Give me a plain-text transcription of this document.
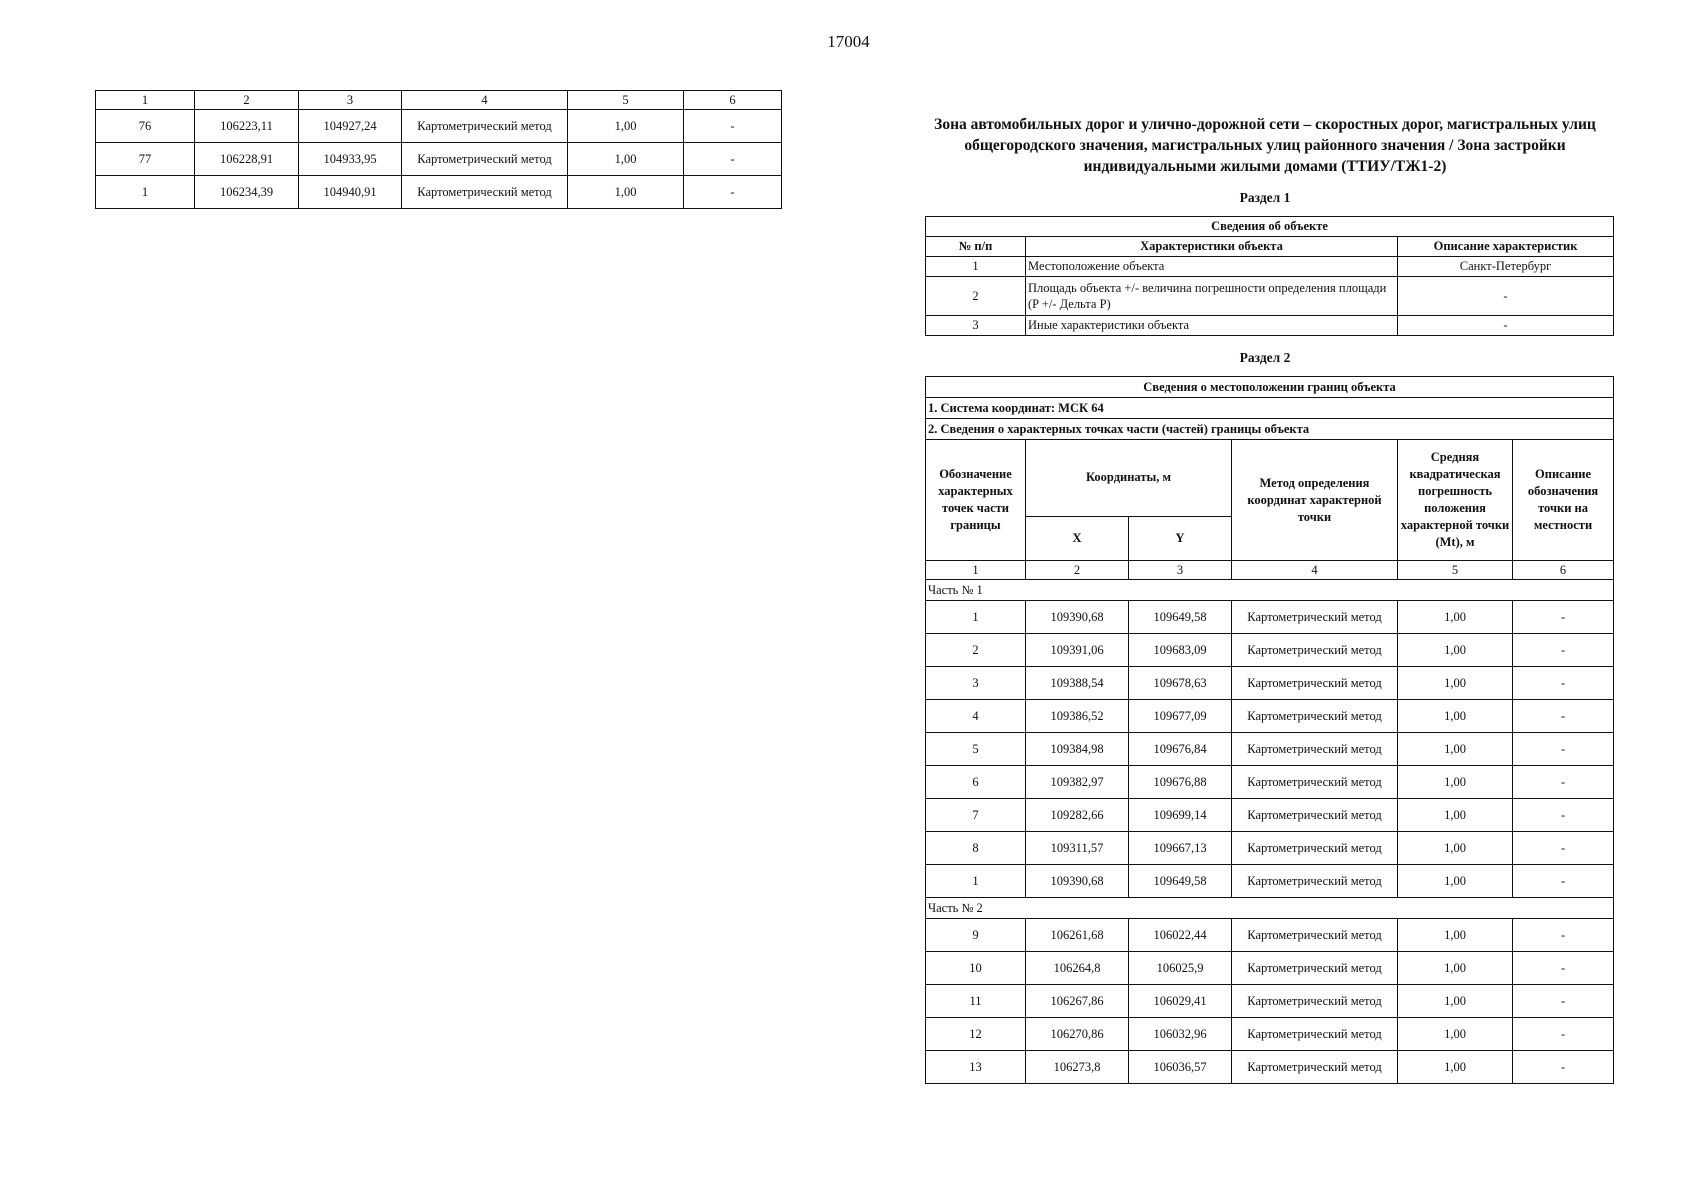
17004
1	2	3	4	5	6
76	106223,11	104927,24	Картометрический метод	1,00	-
77	106228,91	104933,95	Картометрический метод	1,00	-
1	106234,39	104940,91	Картометрический метод	1,00	-
Зона автомобильных дорог и улично-дорожной сети – скоростных дорог, магистральных улиц общегородского значения, магистральных улиц районного значения / Зона застройки индивидуальными жилыми домами (ТТИУ/ТЖ1-2)
Раздел 1
Сведения об объекте		
№ п/п	Характеристики объекта	Описание характеристик
1	Местоположение объекта	Санкт-Петербург
2	Площадь объекта +/- величина погрешности определения площади (P +/- Дельта P)	-
3	Иные характеристики объекта	-
Раздел 2
Сведения о местоположении границ объекта					
1. Система координат: МСК 64					
2. Сведения о характерных точках части (частей) границы объекта					
Обозначение характерных точек части границы	Координаты, м		Метод определения координат характерной точки	Средняя квадратическая погрешность положения характерной точки (Mt), м	Описание обозначения точки на местности
	X	Y			
1	2	3	4	5	6
Часть № 1					
1	109390,68	109649,58	Картометрический метод	1,00	-
2	109391,06	109683,09	Картометрический метод	1,00	-
3	109388,54	109678,63	Картометрический метод	1,00	-
4	109386,52	109677,09	Картометрический метод	1,00	-
5	109384,98	109676,84	Картометрический метод	1,00	-
6	109382,97	109676,88	Картометрический метод	1,00	-
7	109282,66	109699,14	Картометрический метод	1,00	-
8	109311,57	109667,13	Картометрический метод	1,00	-
1	109390,68	109649,58	Картометрический метод	1,00	-
Часть № 2					
9	106261,68	106022,44	Картометрический метод	1,00	-
10	106264,8	106025,9	Картометрический метод	1,00	-
11	106267,86	106029,41	Картометрический метод	1,00	-
12	106270,86	106032,96	Картометрический метод	1,00	-
13	106273,8	106036,57	Картометрический метод	1,00	-
